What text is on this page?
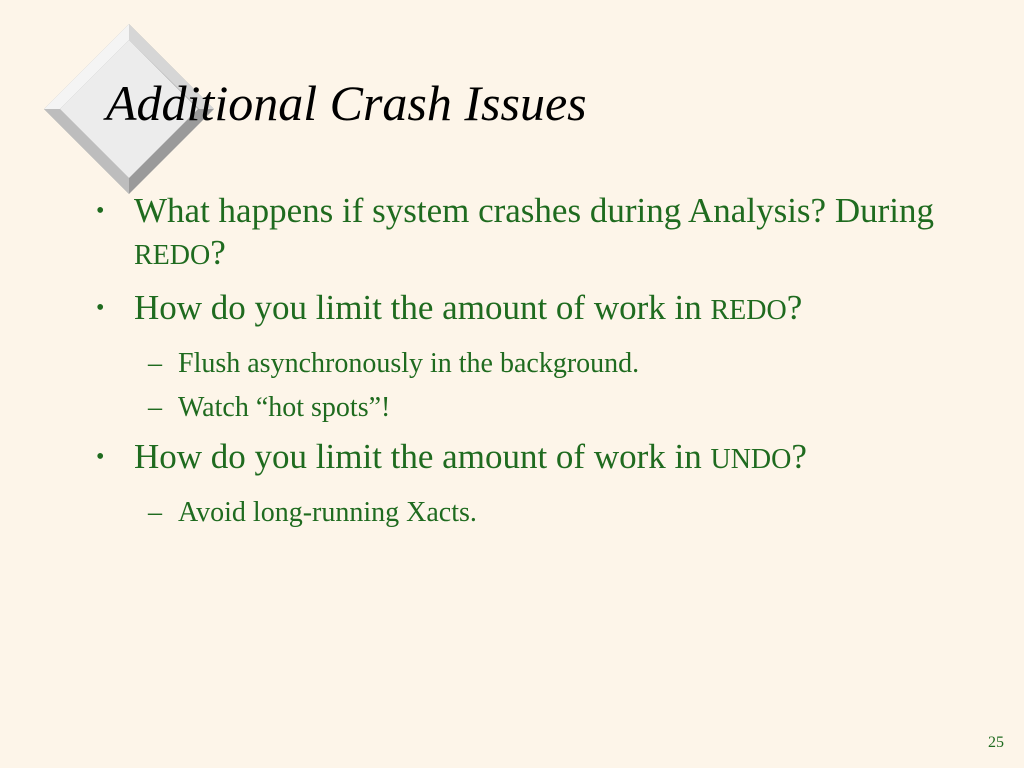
Additional Crash Issues
• What happens if system crashes during Analysis? During REDO?
• How do you limit the amount of work in REDO?
– Flush asynchronously in the background.
– Watch “hot spots”!
• How do you limit the amount of work in UNDO?
– Avoid long-running Xacts.
25
